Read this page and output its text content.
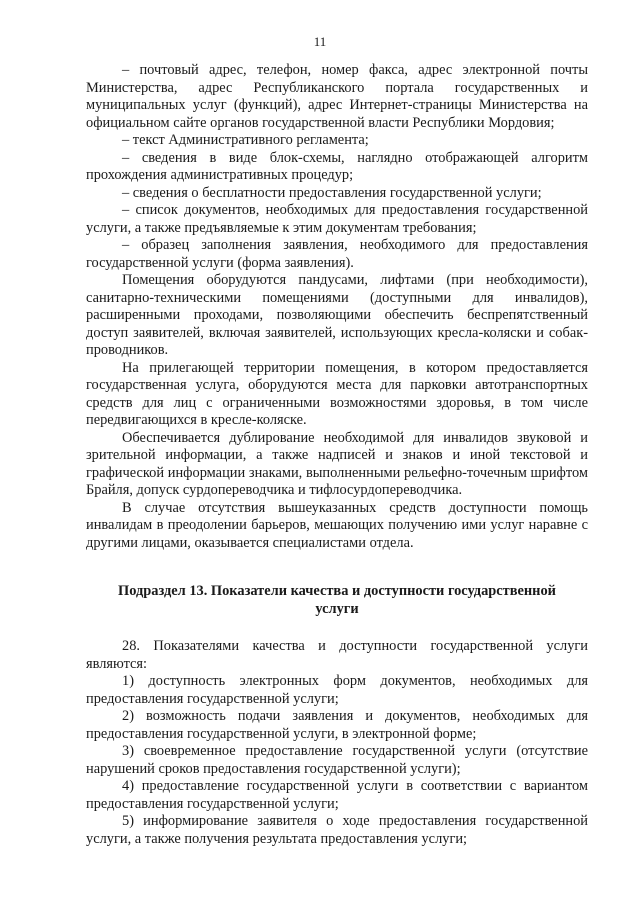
11

– почтовый адрес, телефон, номер факса, адрес электронной почты Министерства, адрес Республиканского портала государственных и муниципальных услуг (функций), адрес Интернет-страницы Министерства на официальном сайте органов государственной власти Республики Мордовия;

– текст Административного регламента;

– сведения в виде блок-схемы, наглядно отображающей алгоритм прохождения административных процедур;

– сведения о бесплатности предоставления государственной услуги;

– список документов, необходимых для предоставления государственной услуги, а также предъявляемые к этим документам требования;

– образец заполнения заявления, необходимого для предоставления государственной услуги (форма заявления).

Помещения оборудуются пандусами, лифтами (при необходимости), санитарно-техническими помещениями (доступными для инвалидов), расширенными проходами, позволяющими обеспечить беспрепятственный доступ заявителей, включая заявителей, использующих кресла-коляски и собак-проводников.

На прилегающей территории помещения, в котором предоставляется государственная услуга, оборудуются места для парковки автотранспортных средств для лиц с ограниченными возможностями здоровья, в том числе передвигающихся в кресле-коляске.

Обеспечивается дублирование необходимой для инвалидов звуковой и зрительной информации, а также надписей и знаков и иной текстовой и графической информации знаками, выполненными рельефно-точечным шрифтом Брайля, допуск сурдопереводчика и тифлосурдопереводчика.

В случае отсутствия вышеуказанных средств доступности помощь инвалидам в преодолении барьеров, мешающих получению ими услуг наравне с другими лицами, оказывается специалистами отдела.

Подраздел 13. Показатели качества и доступности государственной
услуги

28. Показателями качества и доступности государственной услуги являются:

1) доступность электронных форм документов, необходимых для предоставления государственной услуги;

2) возможность подачи заявления и документов, необходимых для предоставления государственной услуги, в электронной форме;

3) своевременное предоставление государственной услуги (отсутствие нарушений сроков предоставления государственной услуги);

4) предоставление государственной услуги в соответствии с вариантом предоставления государственной услуги;

5) информирование заявителя о ходе предоставления государственной услуги, а также получения результата предоставления услуги;
